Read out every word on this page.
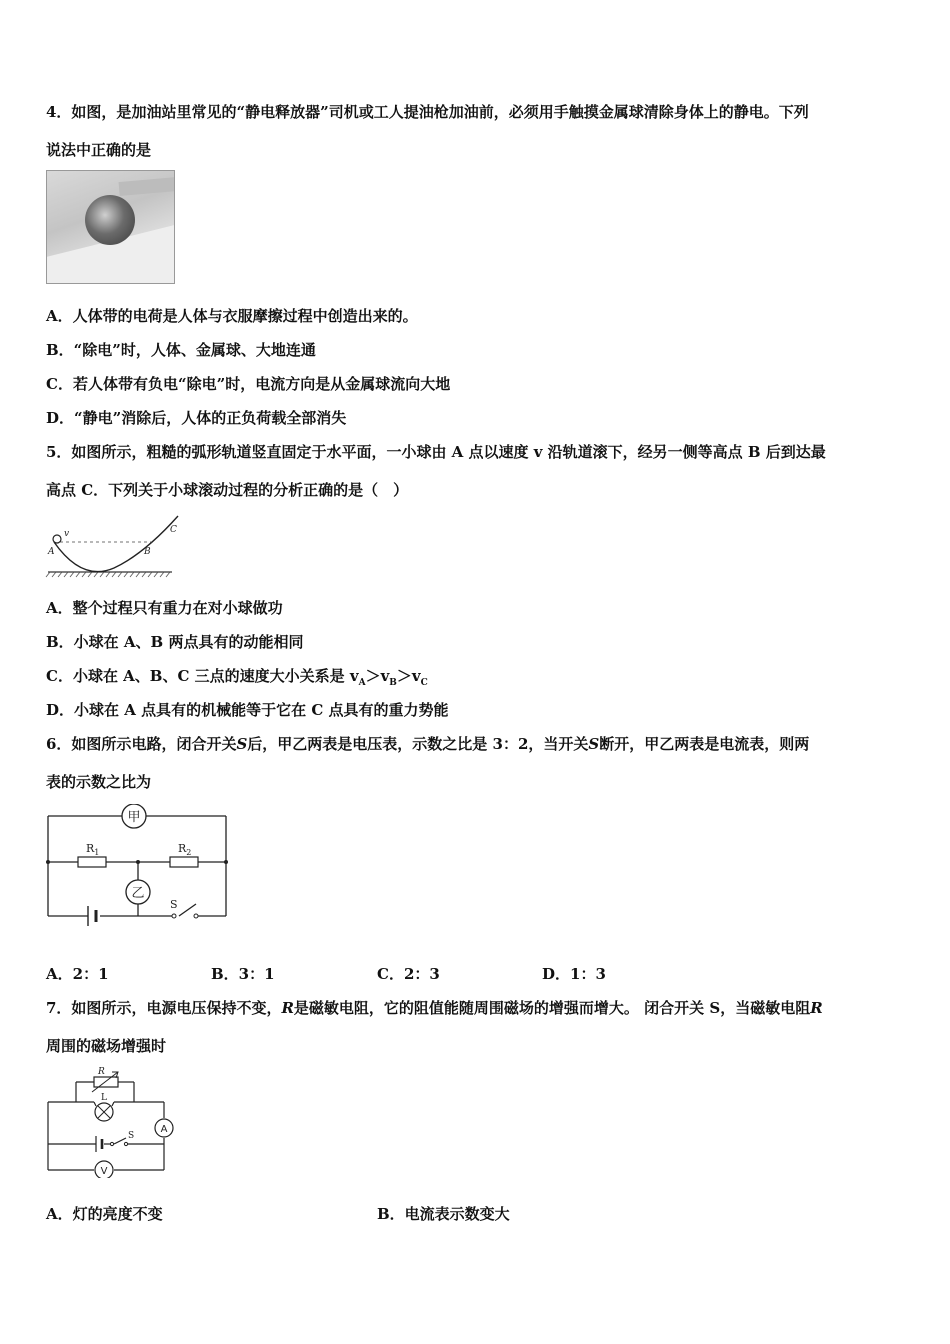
4．如图，是加油站里常见的“静电释放器”司机或工人提油枪加油前，必须用手触摸金属球清除身体上的静电。下列
说法中正确的是
A．人体带的电荷是人体与衣服摩擦过程中创造出来的。
B．“除电”时，人体、金属球、大地连通
C．若人体带有负电“除电”时，电流方向是从金属球流向大地
D．“静电”消除后，人体的正负荷载全部消失
5．如图所示，粗糙的弧形轨道竖直固定于水平面，一小球由 A 点以速度 v 沿轨道滚下，经另一侧等高点 B 后到达最
高点 C．下列关于小球滚动过程的分析正确的是（　）
A
v
B
C
A．整个过程只有重力在对小球做功
B．小球在 A、B 两点具有的动能相同
C．小球在 A、B、C 三点的速度大小关系是 $v_A>v_B>v_C$
D．小球在 A 点具有的机械能等于它在 C 点具有的重力势能
6．如图所示电路，闭合开关S后，甲乙两表是电压表，示数之比是 3：2，当开关S断开，甲乙两表是电流表，则两
表的示数之比为
甲
$R_1$	$R_2$
乙
S
A．2：1	B．3：1	C．2：3	D．1：3
7．如图所示，电源电压保持不变，R是磁敏电阻，它的阻值能随周围磁场的增强而增大。 闭合开关 S，当磁敏电阻R
周围的磁场增强时
R
L
A
S
V
A．灯的亮度不变	B．电流表示数变大
